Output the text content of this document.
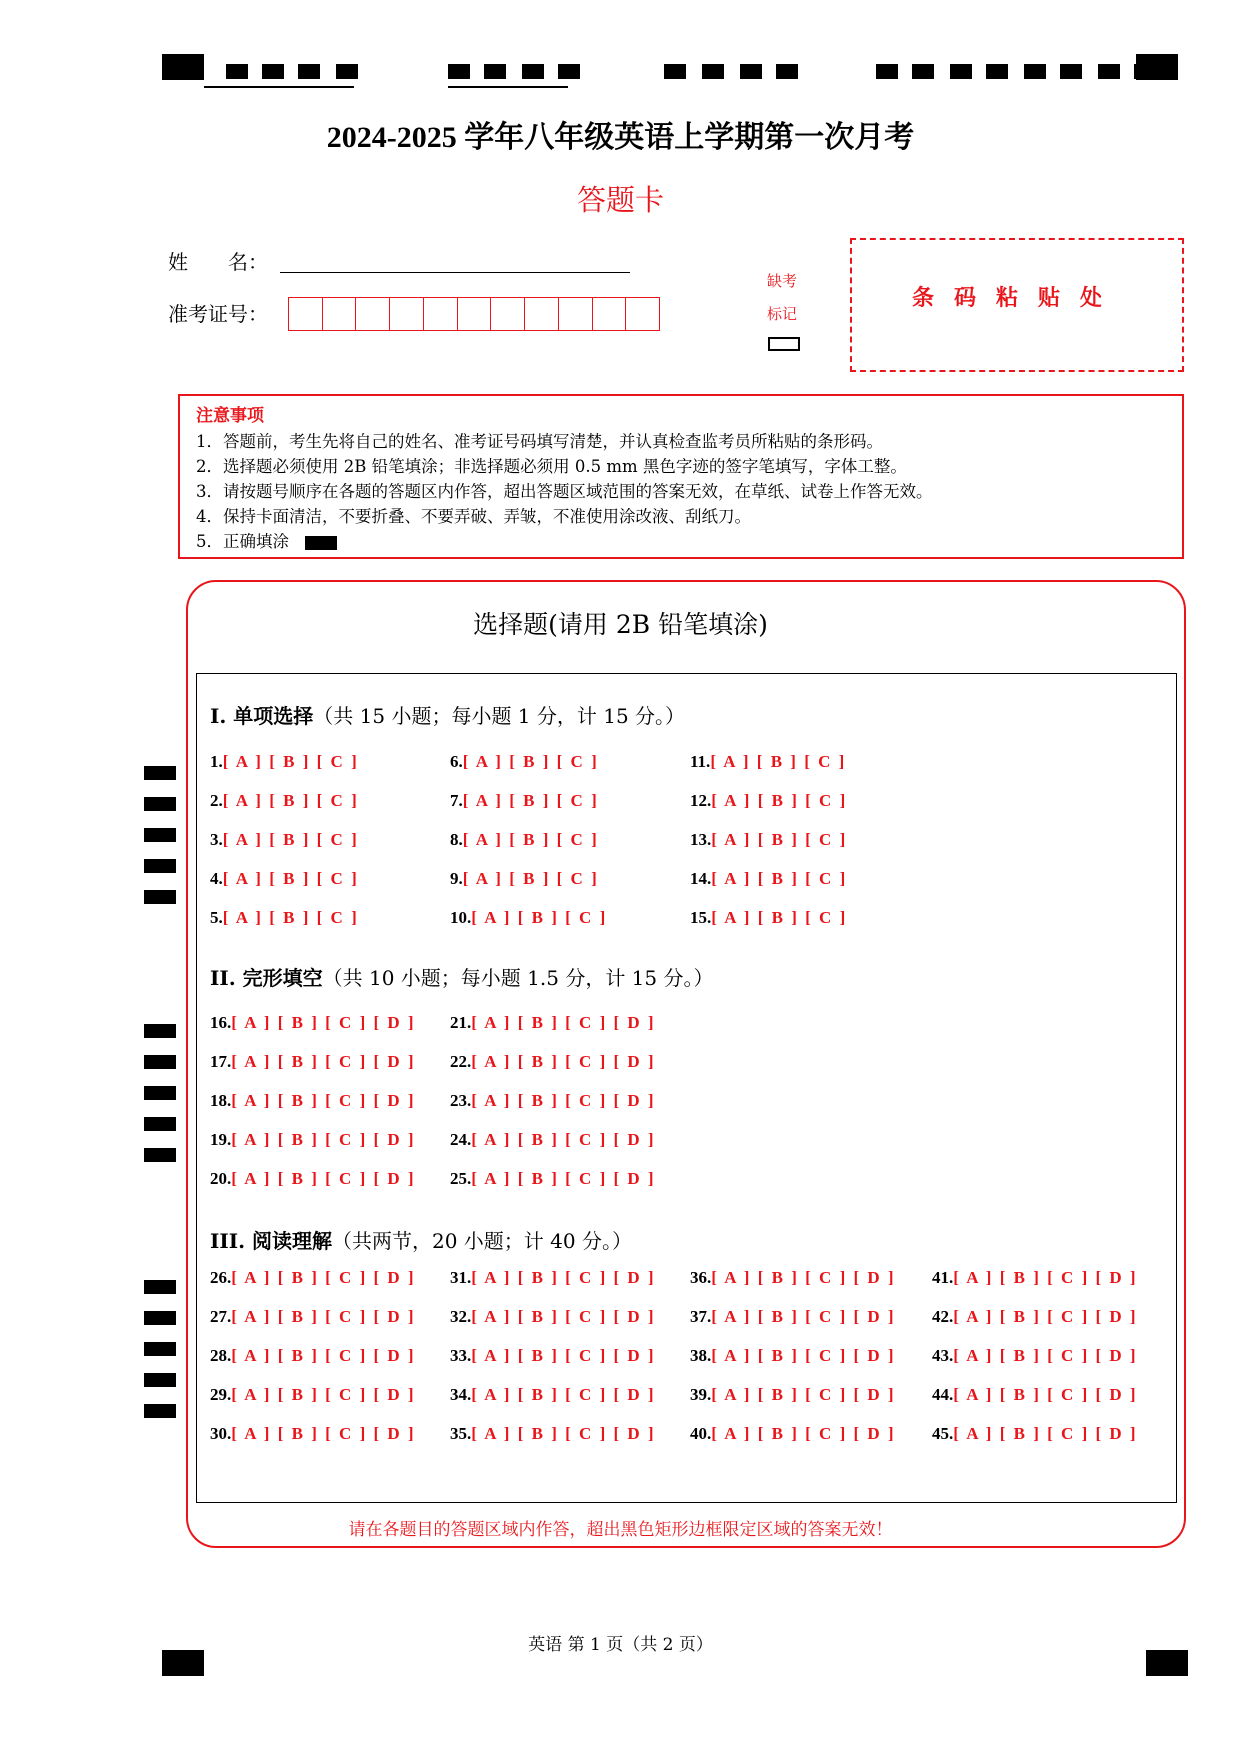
2024-2025 学年八年级英语上学期第一次月考
答题卡
姓　　名：
准考证号：
缺考
标记
条码粘贴处
注意事项
1．答题前，考生先将自己的姓名、准考证号码填写清楚，并认真检查监考员所粘贴的条形码。
2．选择题必须使用 2B 铅笔填涂；非选择题必须用 0.5 mm 黑色字迹的签字笔填写，字体工整。
3．请按题号顺序在各题的答题区内作答，超出答题区域范围的答案无效，在草纸、试卷上作答无效。
4．保持卡面清洁，不要折叠、不要弄破、弄皱，不准使用涂改液、刮纸刀。
5．正确填涂
选择题(请用 2B 铅笔填涂)
I. 单项选择（共 15 小题；每小题 1 分，计 15 分。）
II. 完形填空（共 10 小题；每小题 1.5 分，计 15 分。）
III. 阅读理解（共两节，20 小题；计 40 分。）
1.[ A ] [ B ] [ C ]
2.[ A ] [ B ] [ C ]
3.[ A ] [ B ] [ C ]
4.[ A ] [ B ] [ C ]
5.[ A ] [ B ] [ C ]
6.[ A ] [ B ] [ C ]
7.[ A ] [ B ] [ C ]
8.[ A ] [ B ] [ C ]
9.[ A ] [ B ] [ C ]
10.[ A ] [ B ] [ C ]
11.[ A ] [ B ] [ C ]
12.[ A ] [ B ] [ C ]
13.[ A ] [ B ] [ C ]
14.[ A ] [ B ] [ C ]
15.[ A ] [ B ] [ C ]
16.[ A ] [ B ] [ C ] [ D ]
17.[ A ] [ B ] [ C ] [ D ]
18.[ A ] [ B ] [ C ] [ D ]
19.[ A ] [ B ] [ C ] [ D ]
20.[ A ] [ B ] [ C ] [ D ]
21.[ A ] [ B ] [ C ] [ D ]
22.[ A ] [ B ] [ C ] [ D ]
23.[ A ] [ B ] [ C ] [ D ]
24.[ A ] [ B ] [ C ] [ D ]
25.[ A ] [ B ] [ C ] [ D ]
26.[ A ] [ B ] [ C ] [ D ]
27.[ A ] [ B ] [ C ] [ D ]
28.[ A ] [ B ] [ C ] [ D ]
29.[ A ] [ B ] [ C ] [ D ]
30.[ A ] [ B ] [ C ] [ D ]
31.[ A ] [ B ] [ C ] [ D ]
32.[ A ] [ B ] [ C ] [ D ]
33.[ A ] [ B ] [ C ] [ D ]
34.[ A ] [ B ] [ C ] [ D ]
35.[ A ] [ B ] [ C ] [ D ]
36.[ A ] [ B ] [ C ] [ D ]
37.[ A ] [ B ] [ C ] [ D ]
38.[ A ] [ B ] [ C ] [ D ]
39.[ A ] [ B ] [ C ] [ D ]
40.[ A ] [ B ] [ C ] [ D ]
41.[ A ] [ B ] [ C ] [ D ]
42.[ A ] [ B ] [ C ] [ D ]
43.[ A ] [ B ] [ C ] [ D ]
44.[ A ] [ B ] [ C ] [ D ]
45.[ A ] [ B ] [ C ] [ D ]
请在各题目的答题区域内作答，超出黑色矩形边框限定区域的答案无效！
英语 第 1 页（共 2 页）
